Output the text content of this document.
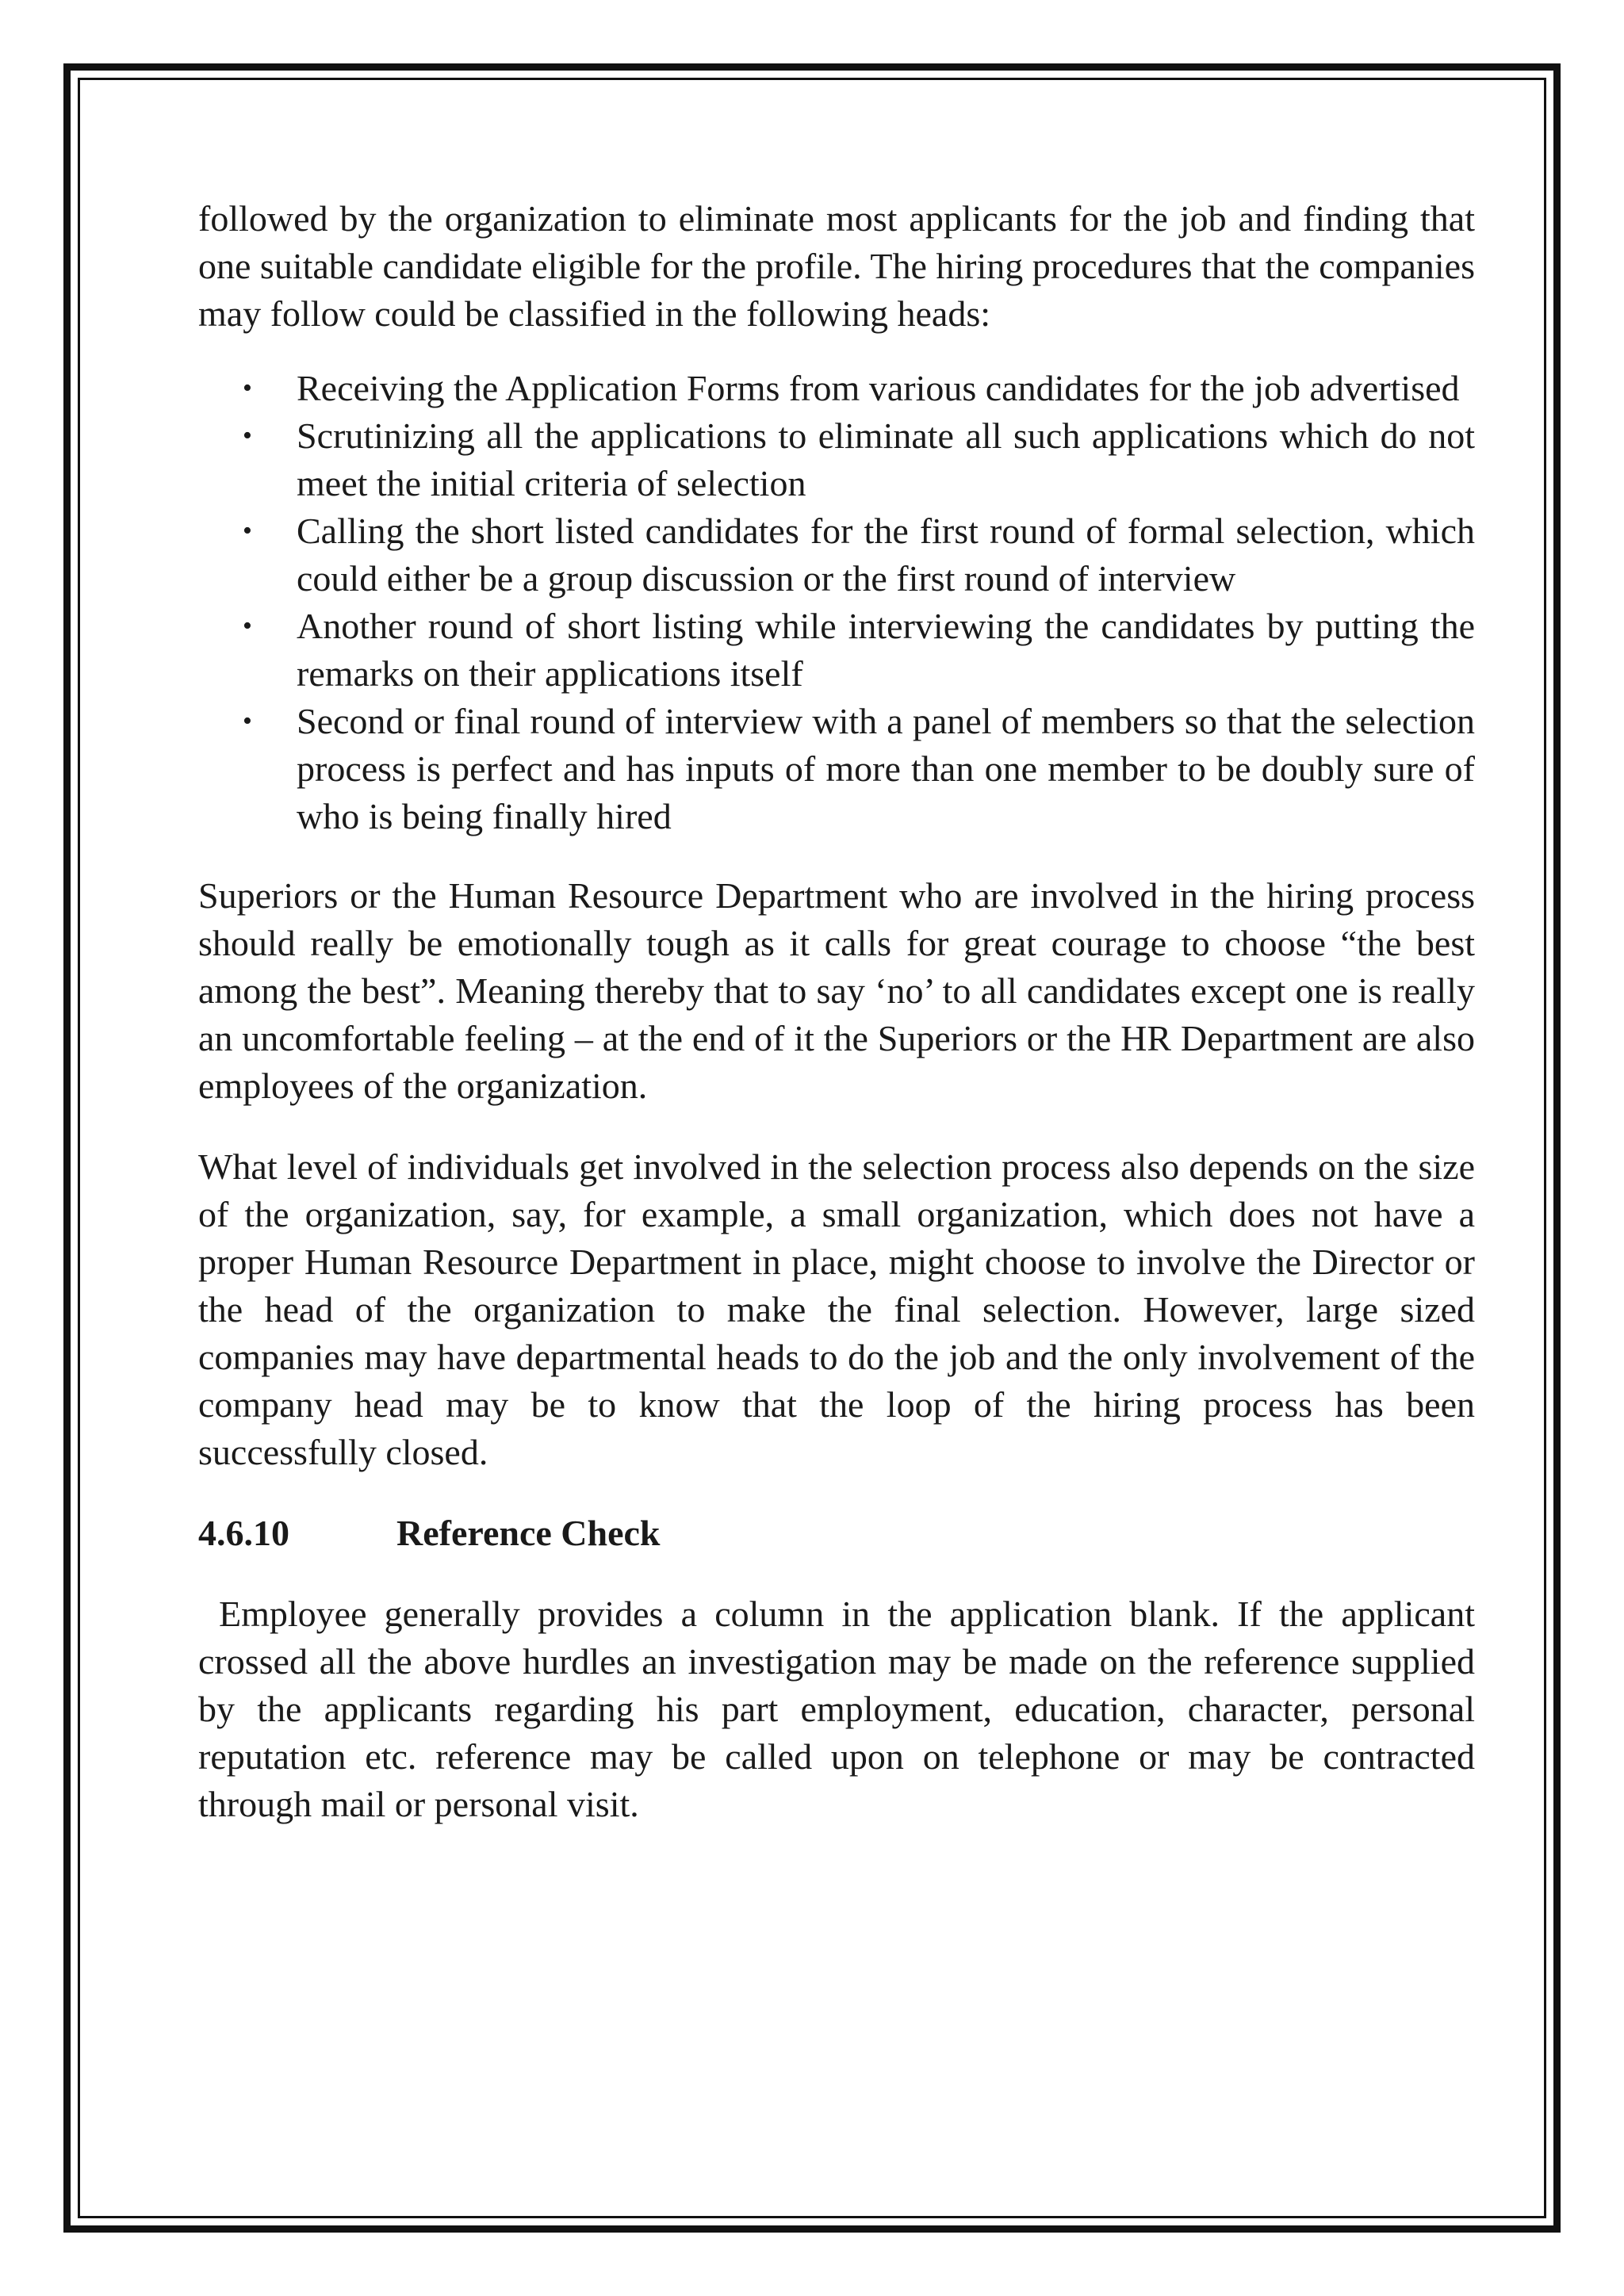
followed by the organization to eliminate most applicants for the job and finding that one suitable candidate eligible for the profile. The hiring procedures that the companies may follow could be classified in the following heads:

• Receiving the Application Forms from various candidates for the job advertised
• Scrutinizing all the applications to eliminate all such applications which do not meet the initial criteria of selection
• Calling the short listed candidates for the first round of formal selection, which could either be a group discussion or the first round of interview
• Another round of short listing while interviewing the candidates by putting the remarks on their applications itself
• Second or final round of interview with a panel of members so that the selection process is perfect and has inputs of more than one member to be doubly sure of who is being finally hired

Superiors or the Human Resource Department who are involved in the hiring process should really be emotionally tough as it calls for great courage to choose “the best among the best”. Meaning thereby that to say ‘no’ to all candidates except one is really an uncomfortable feeling – at the end of it the Superiors or the HR Department are also employees of the organization.

What level of individuals get involved in the selection process also depends on the size of the organization, say, for example, a small organization, which does not have a proper Human Resource Department in place, might choose to involve the Director or the head of the organization to make the final selection. However, large sized companies may have departmental heads to do the job and the only involvement of the company head may be to know that the loop of the hiring process has been successfully closed.

4.6.10	Reference Check

Employee generally provides a column in the application blank. If the applicant crossed all the above hurdles an investigation may be made on the reference supplied by the applicants regarding his part employment, education, character, personal reputation etc. reference may be called upon on telephone or may be contracted through mail or personal visit.
